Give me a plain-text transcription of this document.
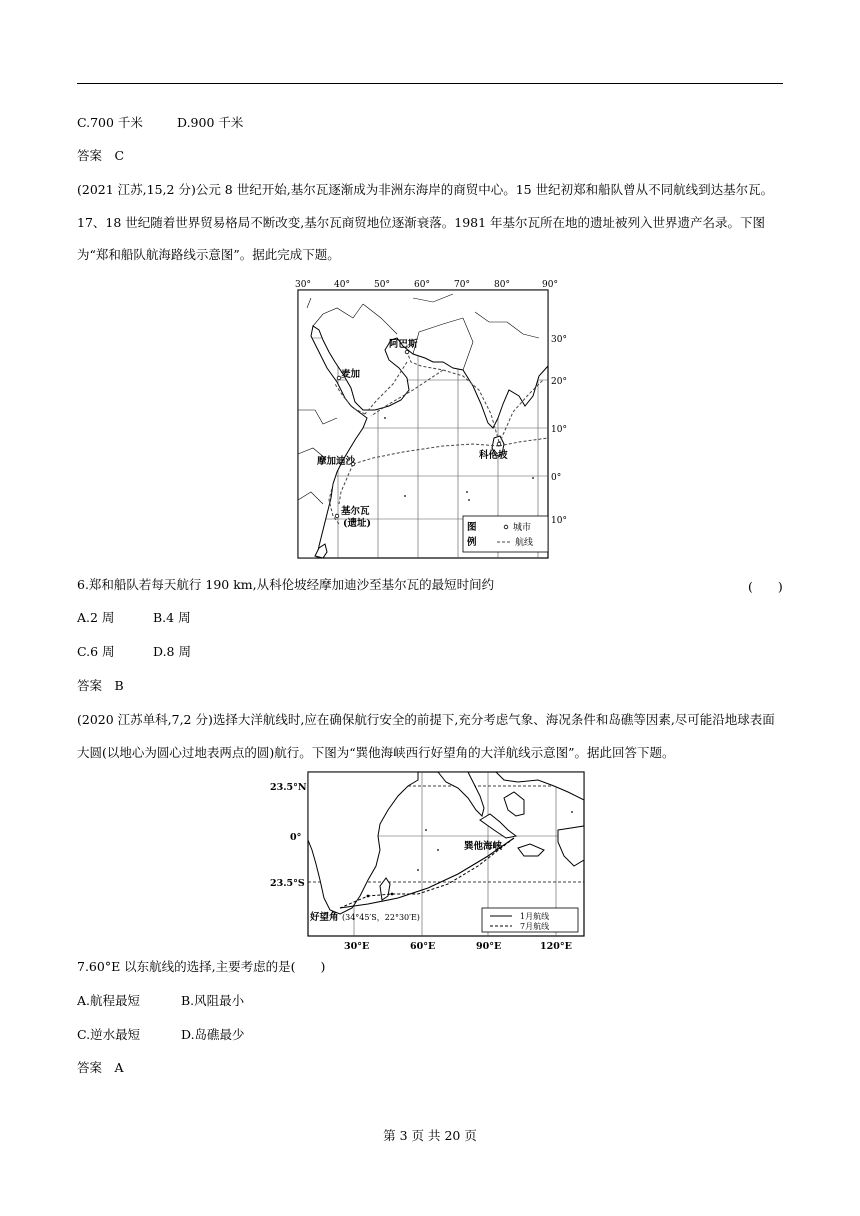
C.700 千米	D.900 千米
答案　C
(2021 江苏,15,2 分)公元 8 世纪开始,基尔瓦逐渐成为非洲东海岸的商贸中心。15 世纪初郑和船队曾从不同航线到达基尔瓦。
17、18 世纪随着世界贸易格局不断改变,基尔瓦商贸地位逐渐衰落。1981 年基尔瓦所在地的遗址被列入世界遗产名录。下图
为“郑和船队航海路线示意图”。据此完成下题。
30°	40°	50°	60°	70°	80°	90°
30°
20°
10°
0°
10°
阿巴斯
麦加
摩加迪沙
科伦坡
基尔瓦
(遗址)	图
例
城市
航线
6.郑和船队若每天航行 190 km,从科伦坡经摩加迪沙至基尔瓦的最短时间约	(　　)
A.2 周	B.4 周
C.6 周	D.8 周
答案　B
(2020 江苏单科,7,2 分)选择大洋航线时,应在确保航行安全的前提下,充分考虑气象、海况条件和岛礁等因素,尽可能沿地球表面
大圆(以地心为圆心过地表两点的圆)航行。下图为“巽他海峡西行好望角的大洋航线示意图”。据此回答下题。
23.5°N
0°
23.5°S
30°E	60°E	90°E	120°E
巽他海峡
好望角 (34°45′S，22°30′E)	1月航线
7月航线
7.60°E 以东航线的选择,主要考虑的是(　　)
A.航程最短	B.风阻最小
C.逆水最短	D.岛礁最少
答案　A
第 3 页 共 20 页
